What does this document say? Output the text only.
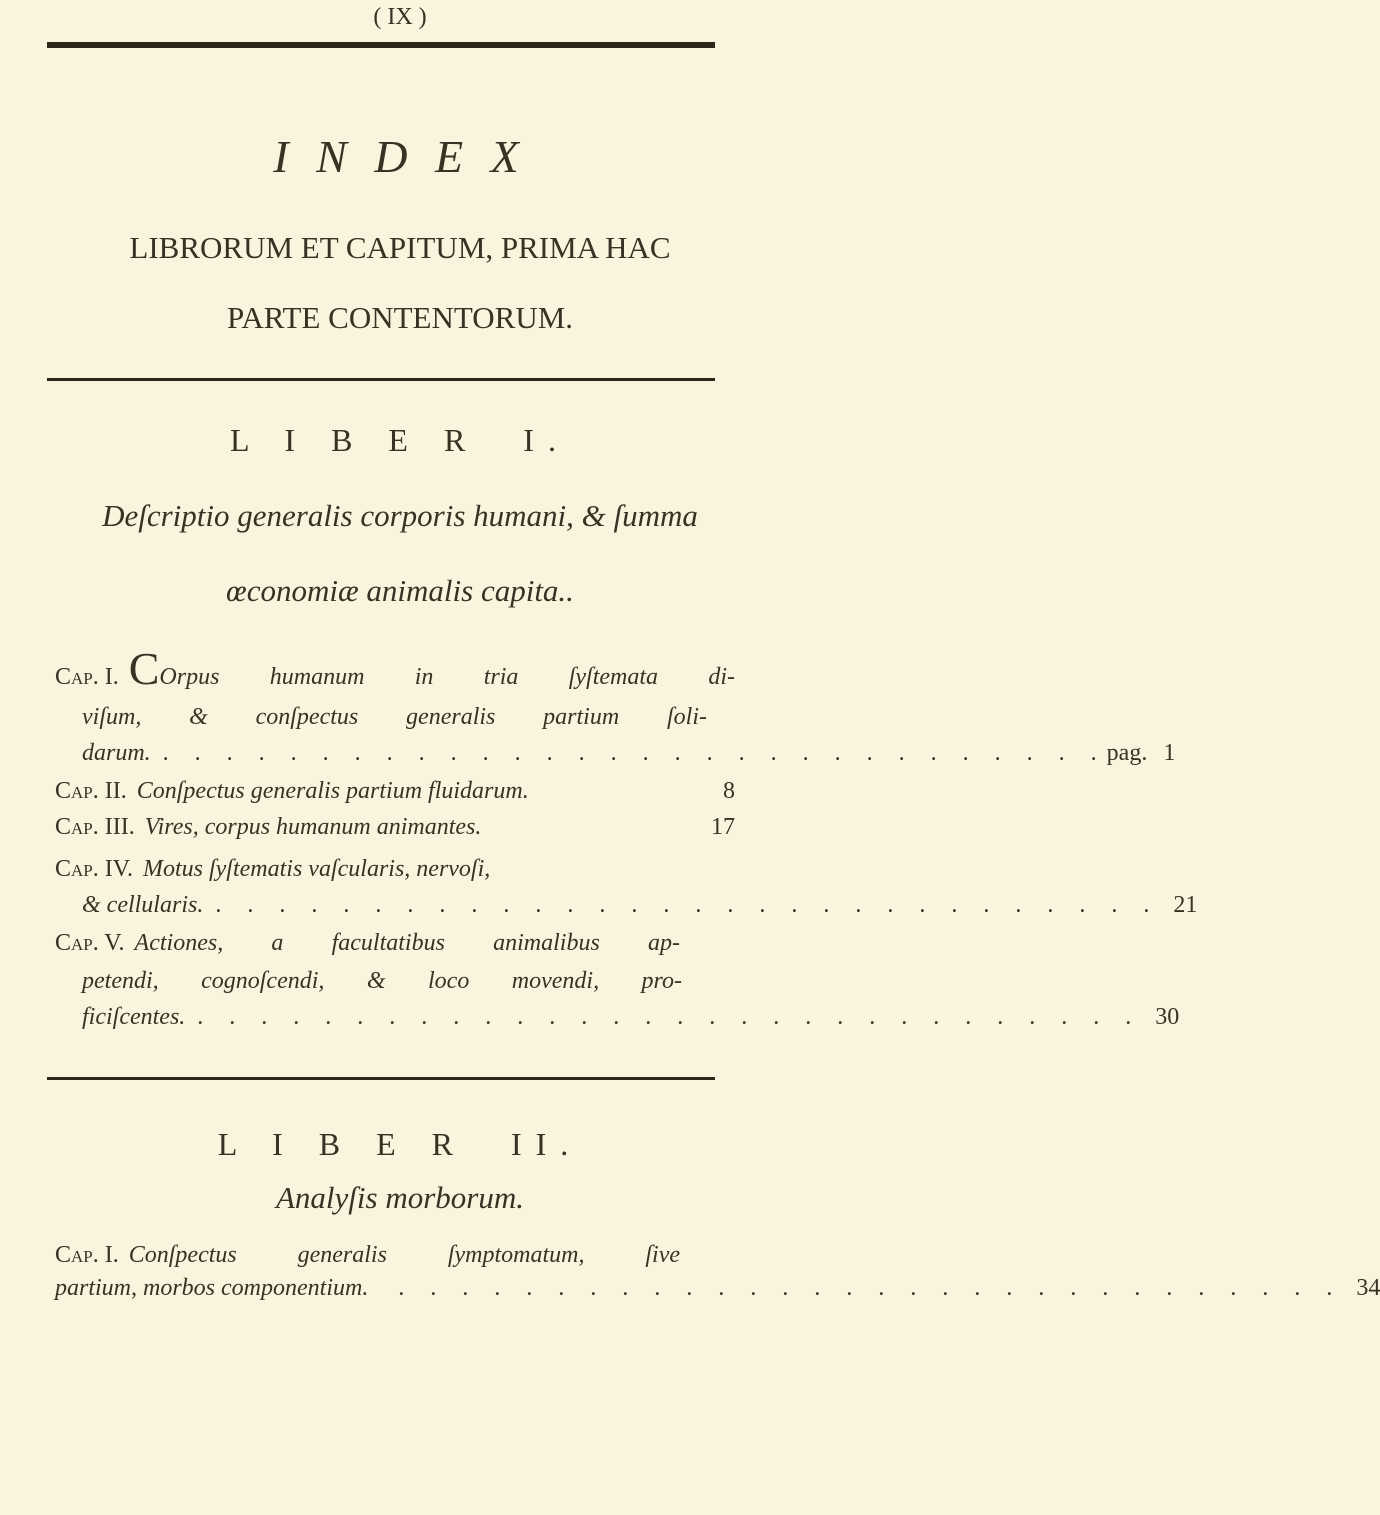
( IX )
I N D E X
LIBRORUM ET CAPITUM, PRIMA HAC
PARTE CONTENTORUM.
L I B E R  I.
Deſcriptio generalis corporis humani, & ſumma
œconomiæ animalis capita..
Cap. I. C Orpus humanum in tria ſyſtemata di-
viſum, & conſpectus generalis partium ſoli-
darum. . . . . . . . . . . . . . . . . . . . . . . . . . . . . . . pag. 1
Cap. II. Conſpectus generalis partium fluidarum.	8
Cap. III. Vires, corpus humanum animantes.	17
Cap. IV. Motus ſyſtematis vaſcularis, nervoſi,
& cellularis. . . . . . . . . . . . . . . . . . . . . . . . . . . . . . . 21
Cap. V. Actiones, a facultatibus animalibus ap-
petendi, cognoſcendi, & loco movendi, pro-
ficiſcentes. . . . . . . . . . . . . . . . . . . . . . . . . . . . . . . 30
L I B E R  II.
Analyſis morborum.
Cap. I. Conſpectus generalis ſymptomatum, ſive
partium, morbos componentium.	. . . . . . . . . . . . . . . . . . . . . . . . . . . . . . 34
